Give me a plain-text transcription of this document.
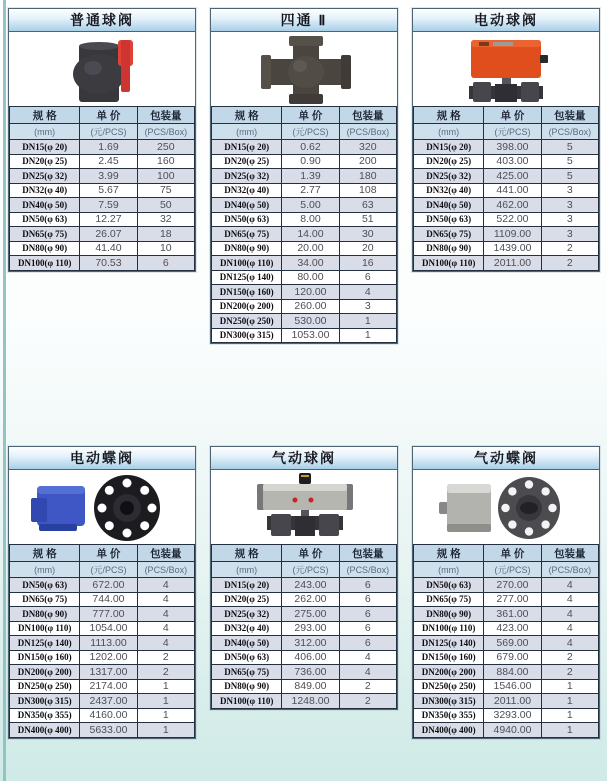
普通球阀
规 格	单 价	包装量
(mm)	(元/PCS)	(PCS/Box)
DN15(φ 20)	1.69	250
DN20(φ 25)	2.45	160
DN25(φ 32)	3.99	100
DN32(φ 40)	5.67	75
DN40(φ 50)	7.59	50
DN50(φ 63)	12.27	32
DN65(φ 75)	26.07	18
DN80(φ 90)	41.40	10
DN100(φ 110)	70.53	6
四通 Ⅱ
规 格	单 价	包装量
(mm)	(元/PCS)	(PCS/Box)
DN15(φ 20)	0.62	320
DN20(φ 25)	0.90	200
DN25(φ 32)	1.39	180
DN32(φ 40)	2.77	108
DN40(φ 50)	5.00	63
DN50(φ 63)	8.00	51
DN65(φ 75)	14.00	30
DN80(φ 90)	20.00	20
DN100(φ 110)	34.00	16
DN125(φ 140)	80.00	6
DN150(φ 160)	120.00	4
DN200(φ 200)	260.00	3
DN250(φ 250)	530.00	1
DN300(φ 315)	1053.00	1
电动球阀
规 格	单 价	包装量
(mm)	(元/PCS)	(PCS/Box)
DN15(φ 20)	398.00	5
DN20(φ 25)	403.00	5
DN25(φ 32)	425.00	5
DN32(φ 40)	441.00	3
DN40(φ 50)	462.00	3
DN50(φ 63)	522.00	3
DN65(φ 75)	1109.00	3
DN80(φ 90)	1439.00	2
DN100(φ 110)	2011.00	2
电动蝶阀
规 格	单 价	包装量
(mm)	(元/PCS)	(PCS/Box)
DN50(φ 63)	672.00	4
DN65(φ 75)	744.00	4
DN80(φ 90)	777.00	4
DN100(φ 110)	1054.00	4
DN125(φ 140)	1113.00	4
DN150(φ 160)	1202.00	2
DN200(φ 200)	1317.00	2
DN250(φ 250)	2174.00	1
DN300(φ 315)	2437.00	1
DN350(φ 355)	4160.00	1
DN400(φ 400)	5633.00	1
气动球阀
规 格	单 价	包装量
(mm)	(元/PCS)	(PCS/Box)
DN15(φ 20)	243.00	6
DN20(φ 25)	262.00	6
DN25(φ 32)	275.00	6
DN32(φ 40)	293.00	6
DN40(φ 50)	312.00	6
DN50(φ 63)	406.00	4
DN65(φ 75)	736.00	4
DN80(φ 90)	849.00	2
DN100(φ 110)	1248.00	2
气动蝶阀
规 格	单 价	包装量
(mm)	(元/PCS)	(PCS/Box)
DN50(φ 63)	270.00	4
DN65(φ 75)	277.00	4
DN80(φ 90)	361.00	4
DN100(φ 110)	423.00	4
DN125(φ 140)	569.00	4
DN150(φ 160)	679.00	2
DN200(φ 200)	884.00	2
DN250(φ 250)	1546.00	1
DN300(φ 315)	2011.00	1
DN350(φ 355)	3293.00	1
DN400(φ 400)	4940.00	1
